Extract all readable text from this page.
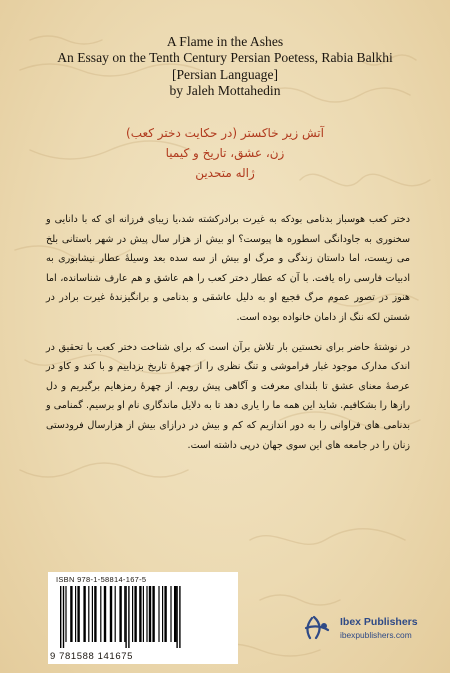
A Flame in the Ashes
An Essay on the Tenth Century Persian Poetess, Rabia Balkhi
[Persian Language]
by Jaleh Mottahedin
آتش زیر خاکستر (در حکایت دختر کعب)
زن، عشق، تاریخ و کیمیا
ژاله متحدین

دختر کعب هوسباز بدنامی بودکه به غیرت برادرکشته شد،یا زیبای فرزانه ای که با دانایی و سخنوری به جاودانگی اسطوره ها پیوست؟ او بیش از هزار سال پیش در شهر باستانی بلخ می زیست، اما داستان زندگی و مرگ او بیش از سه سده بعد وسیلهٔ عطار نیشابوری به ادبیات فارسی راه یافت. با آن که عطار دختر کعب را هم عاشق و هم عارف شناسانده، اما هنوز در تصور عموم مرگ فجیع او به دلیل عاشقی و بدنامی و برانگیزندهٔ غیرت برادر در شستن لکه ننگ از دامان خانواده بوده است.

در نوشتهٔ حاضر برای نخستین بار تلاش برآن است که برای شناخت دختر کعب با تحقیق در اندک مدارک موجود غبار فراموشی و تنگ نظری را از چهرهٔ تاریخ بزداییم و با کند و کاو در عرصهٔ معنای عشق تا بلندای معرفت و آگاهی پیش رویم. از چهرهٔ رمزهایم برگیریم و دل رازها را بشکافیم. شاید این همه ما را یاری دهد تا به دلایل ماندگاری نام او برسیم. گمنامی و بدنامی های فراوانی را به دور اندازیم که کم و بیش در درازای بیش از هزارسال فرودستی زنان را در جامعه های این سوی جهان درپی داشته است.

ISBN 978-1-58814-167-5
9 781588 141675
Ibex Publishers
ibexpublishers.com
